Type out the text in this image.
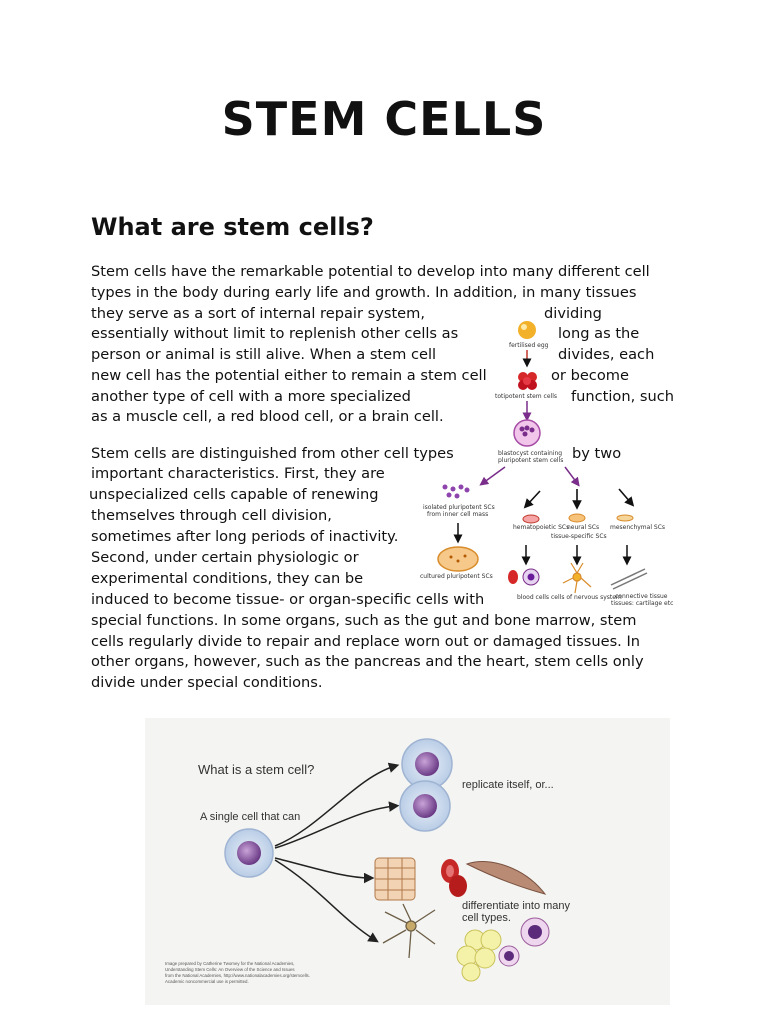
STEM CELLS
What are stem cells?
Stem cells have the remarkable potential to develop into many different cell
types in the body during early life and growth. In addition, in many tissues
they serve as a sort of internal repair system,	dividing
essentially without limit to replenish other cells as	long as the
person or animal is still alive. When a stem cell	divides, each
new cell has the potential either to remain a stem cell	or become
another type of cell with a more specialized	function, such
as a muscle cell, a red blood cell, or a brain cell.
Stem cells are distinguished from other cell types	by two
important characteristics. First, they are
unspecialized cells capable of renewing
themselves through cell division,
sometimes after long periods of inactivity.
Second, under certain physiologic or
experimental conditions, they can be
induced to become tissue- or organ-specific cells with
special functions. In some organs, such as the gut and bone marrow, stem
cells regularly divide to repair and replace worn out or damaged tissues. In
other organs, however, such as the pancreas and the heart, stem cells only
divide under special conditions.
fertilised egg
totipotent stem cells
blastocyst containing
pluripotent stem cells
isolated pluripotent SCs
from inner cell mass
cultured pluripotent SCs
hematopoietic SCs
neural SCs mesenchymal SCs
tissue-specific SCs
blood cells cells of nervous system
connective tissue
tissues: cartilage etc
What is a stem cell?
A single cell that can
replicate itself, or...
differentiate into many
cell types.
Image prepared by Catherine Twomey for the National Academies,
Understanding Stem Cells: An Overview of the Science and Issues
from the National Academies, http://www.nationalacademies.org/stemcells.
Academic noncommercial use is permitted.
